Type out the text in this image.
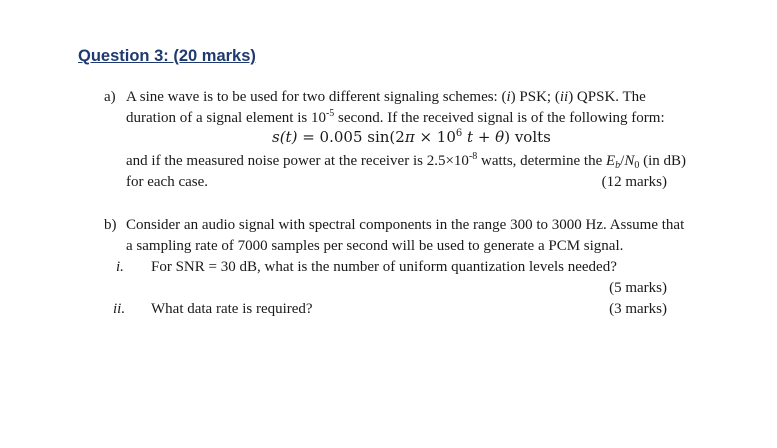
Question 3: (20 marks)
a) A sine wave is to be used for two different signaling schemes: (i) PSK; (ii) QPSK. The
duration of a signal element is $10^{-5}$ second. If the received signal is of the following form:
s(t) = 0.005 $\sin(2\pi \times 10^6$ t + θ) volts
and if the measured noise power at the receiver is $2.5\times 10^{-8}$ watts, determine the $E_b/N_0$ (in dB)
for each case.	(12 marks)
b) Consider an audio signal with spectral components in the range 300 to 3000 Hz. Assume that
a sampling rate of 7000 samples per second will be used to generate a PCM signal.
i. For SNR = 30 dB, what is the number of uniform quantization levels needed?
(5 marks)
ii. What data rate is required?	(3 marks)
